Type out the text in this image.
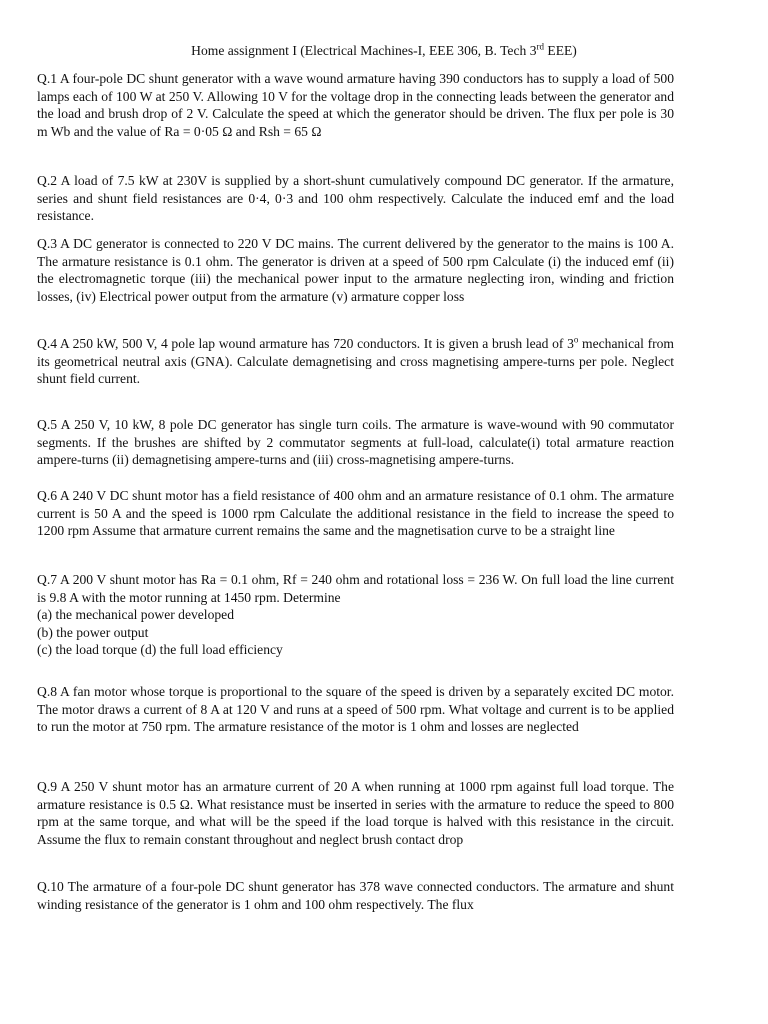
Home assignment I (Electrical Machines-I, EEE 306, B. Tech 3rd EEE)

Q.1 A four-pole DC shunt generator with a wave wound armature having 390 conductors has to supply a load of 500 lamps each of 100 W at 250 V. Allowing 10 V for the voltage drop in the connecting leads between the generator and the load and brush drop of 2 V. Calculate the speed at which the generator should be driven. The flux per pole is 30 m Wb and the value of Ra = 0·05 Ω and Rsh = 65 Ω

Q.2 A load of 7.5 kW at 230V is supplied by a short-shunt cumulatively compound DC generator. If the armature, series and shunt field resistances are 0·4, 0·3 and 100 ohm respectively. Calculate the induced emf and the load resistance.

Q.3 A DC generator is connected to 220 V DC mains. The current delivered by the generator to the mains is 100 A. The armature resistance is 0.1 ohm. The generator is driven at a speed of 500 rpm Calculate (i) the induced emf (ii) the electromagnetic torque (iii) the mechanical power input to the armature neglecting iron, winding and friction losses, (iv) Electrical power output from the armature (v) armature copper loss

Q.4 A 250 kW, 500 V, 4 pole lap wound armature has 720 conductors. It is given a brush lead of 3$^o$ mechanical from its geometrical neutral axis (GNA). Calculate demagnetising and cross magnetising ampere-turns per pole. Neglect shunt field current.

Q.5 A 250 V, 10 kW, 8 pole DC generator has single turn coils. The armature is wave-wound with 90 commutator segments. If the brushes are shifted by 2 commutator segments at full-load, calculate(i) total armature reaction ampere-turns (ii) demagnetising ampere-turns and (iii) cross-magnetising ampere-turns.

Q.6 A 240 V DC shunt motor has a field resistance of 400 ohm and an armature resistance of 0.1 ohm. The armature current is 50 A and the speed is 1000 rpm Calculate the additional resistance in the field to increase the speed to 1200 rpm Assume that armature current remains the same and the magnetisation curve to be a straight line

Q.7 A 200 V shunt motor has Ra = 0.1 ohm, Rf = 240 ohm and rotational loss = 236 W. On full load the line current is 9.8 A with the motor running at 1450 rpm. Determine
(a) the mechanical power developed
(b) the power output
(c) the load torque (d) the full load efficiency

Q.8 A fan motor whose torque is proportional to the square of the speed is driven by a separately excited DC motor. The motor draws a current of 8 A at 120 V and runs at a speed of 500 rpm. What voltage and current is to be applied to run the motor at 750 rpm. The armature resistance of the motor is 1 ohm and losses are neglected

Q.9 A 250 V shunt motor has an armature current of 20 A when running at 1000 rpm against full load torque. The armature resistance is 0.5 Ω. What resistance must be inserted in series with the armature to reduce the speed to 800 rpm at the same torque, and what will be the speed if the load torque is halved with this resistance in the circuit. Assume the flux to remain constant throughout and neglect brush contact drop

Q.10 The armature of a four-pole DC shunt generator has 378 wave connected conductors. The armature and shunt winding resistance of the generator is 1 ohm and 100 ohm respectively. The flux
